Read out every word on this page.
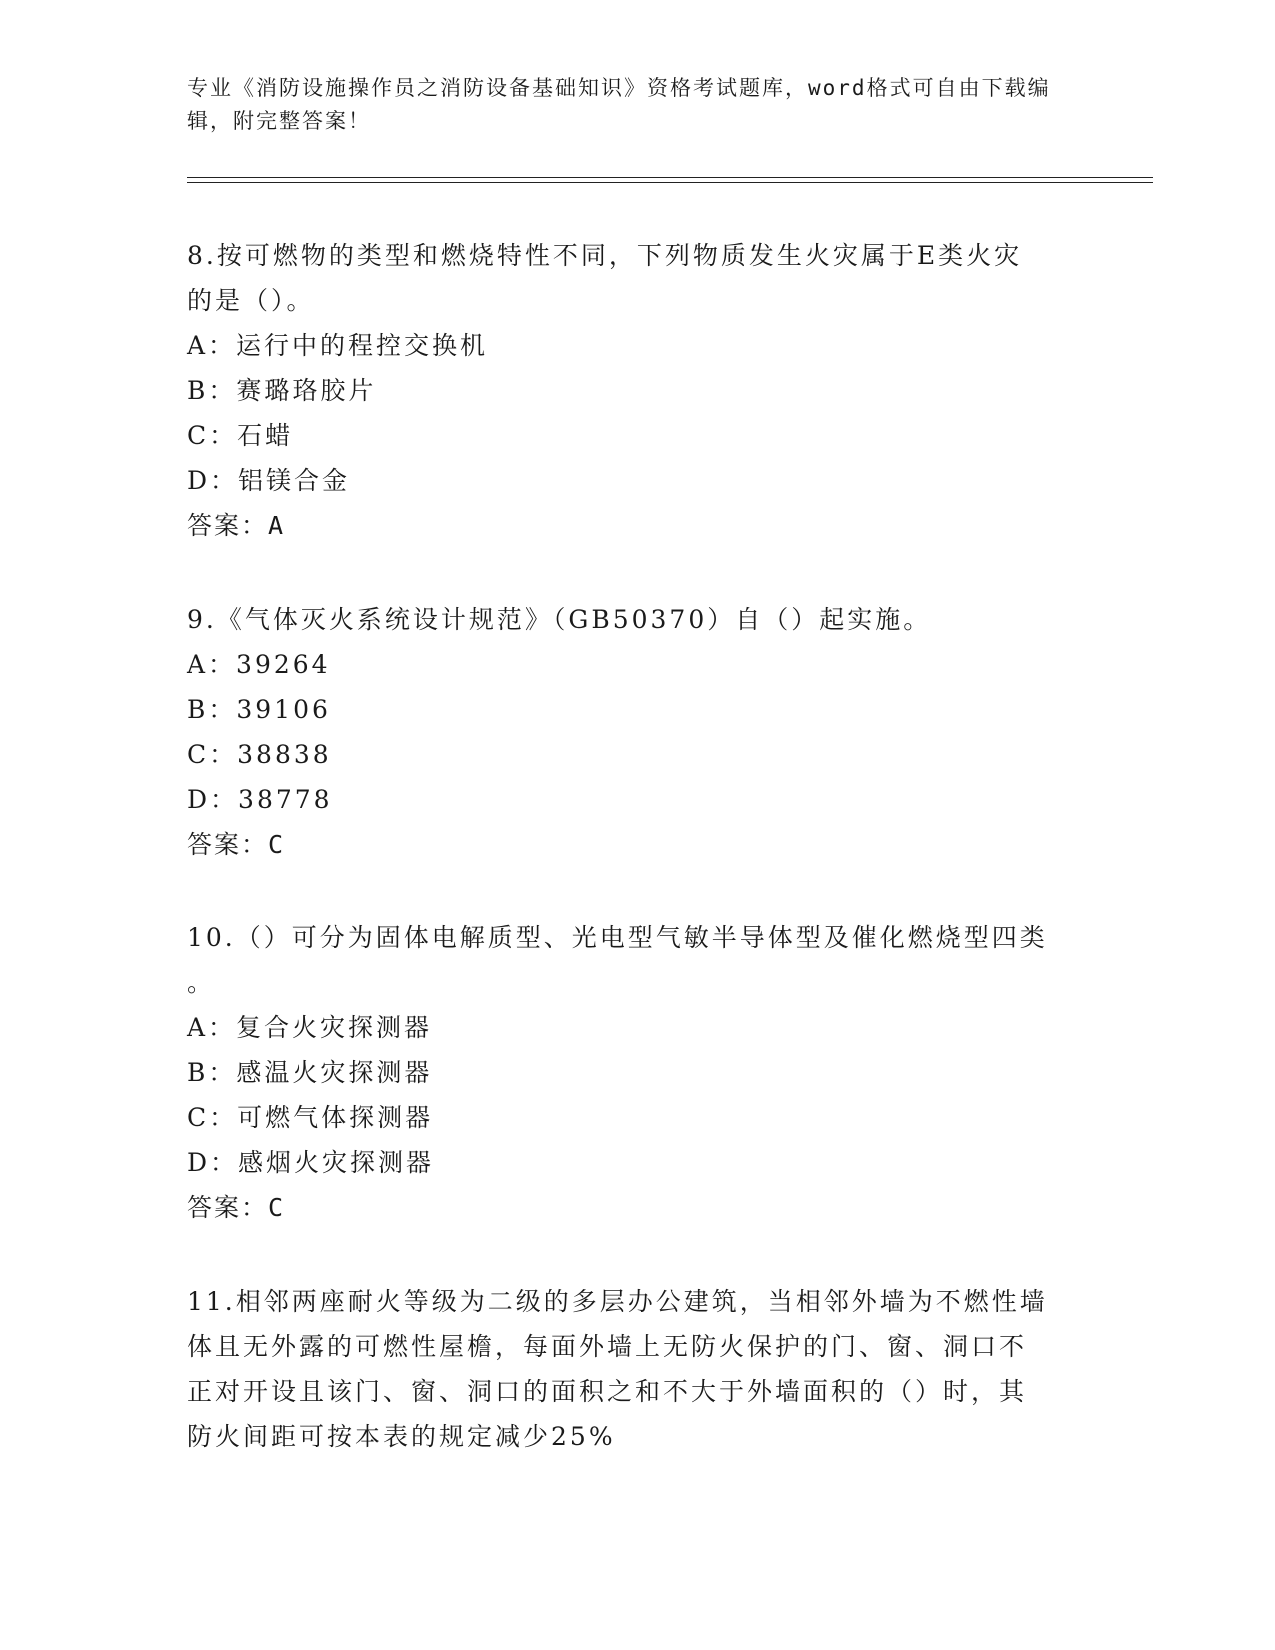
专业《消防设施操作员之消防设备基础知识》资格考试题库，word格式可自由下载编辑，附完整答案！

8.按可燃物的类型和燃烧特性不同，下列物质发生火灾属于E类火灾

的是（）。

A：运行中的程控交换机

B：赛璐珞胶片

C：石蜡

D：铝镁合金

答案：A

9.《气体灭火系统设计规范》（GB50370）自（）起实施。

A：39264

B：39106

C：38838

D：38778

答案：C

10.（）可分为固体电解质型、光电型气敏半导体型及催化燃烧型四类

。

A：复合火灾探测器

B：感温火灾探测器

C：可燃气体探测器

D：感烟火灾探测器

答案：C

11.相邻两座耐火等级为二级的多层办公建筑，当相邻外墙为不燃性墙

体且无外露的可燃性屋檐，每面外墙上无防火保护的门、窗、洞口不

正对开设且该门、窗、洞口的面积之和不大于外墙面积的（）时，其

防火间距可按本表的规定减少25%
